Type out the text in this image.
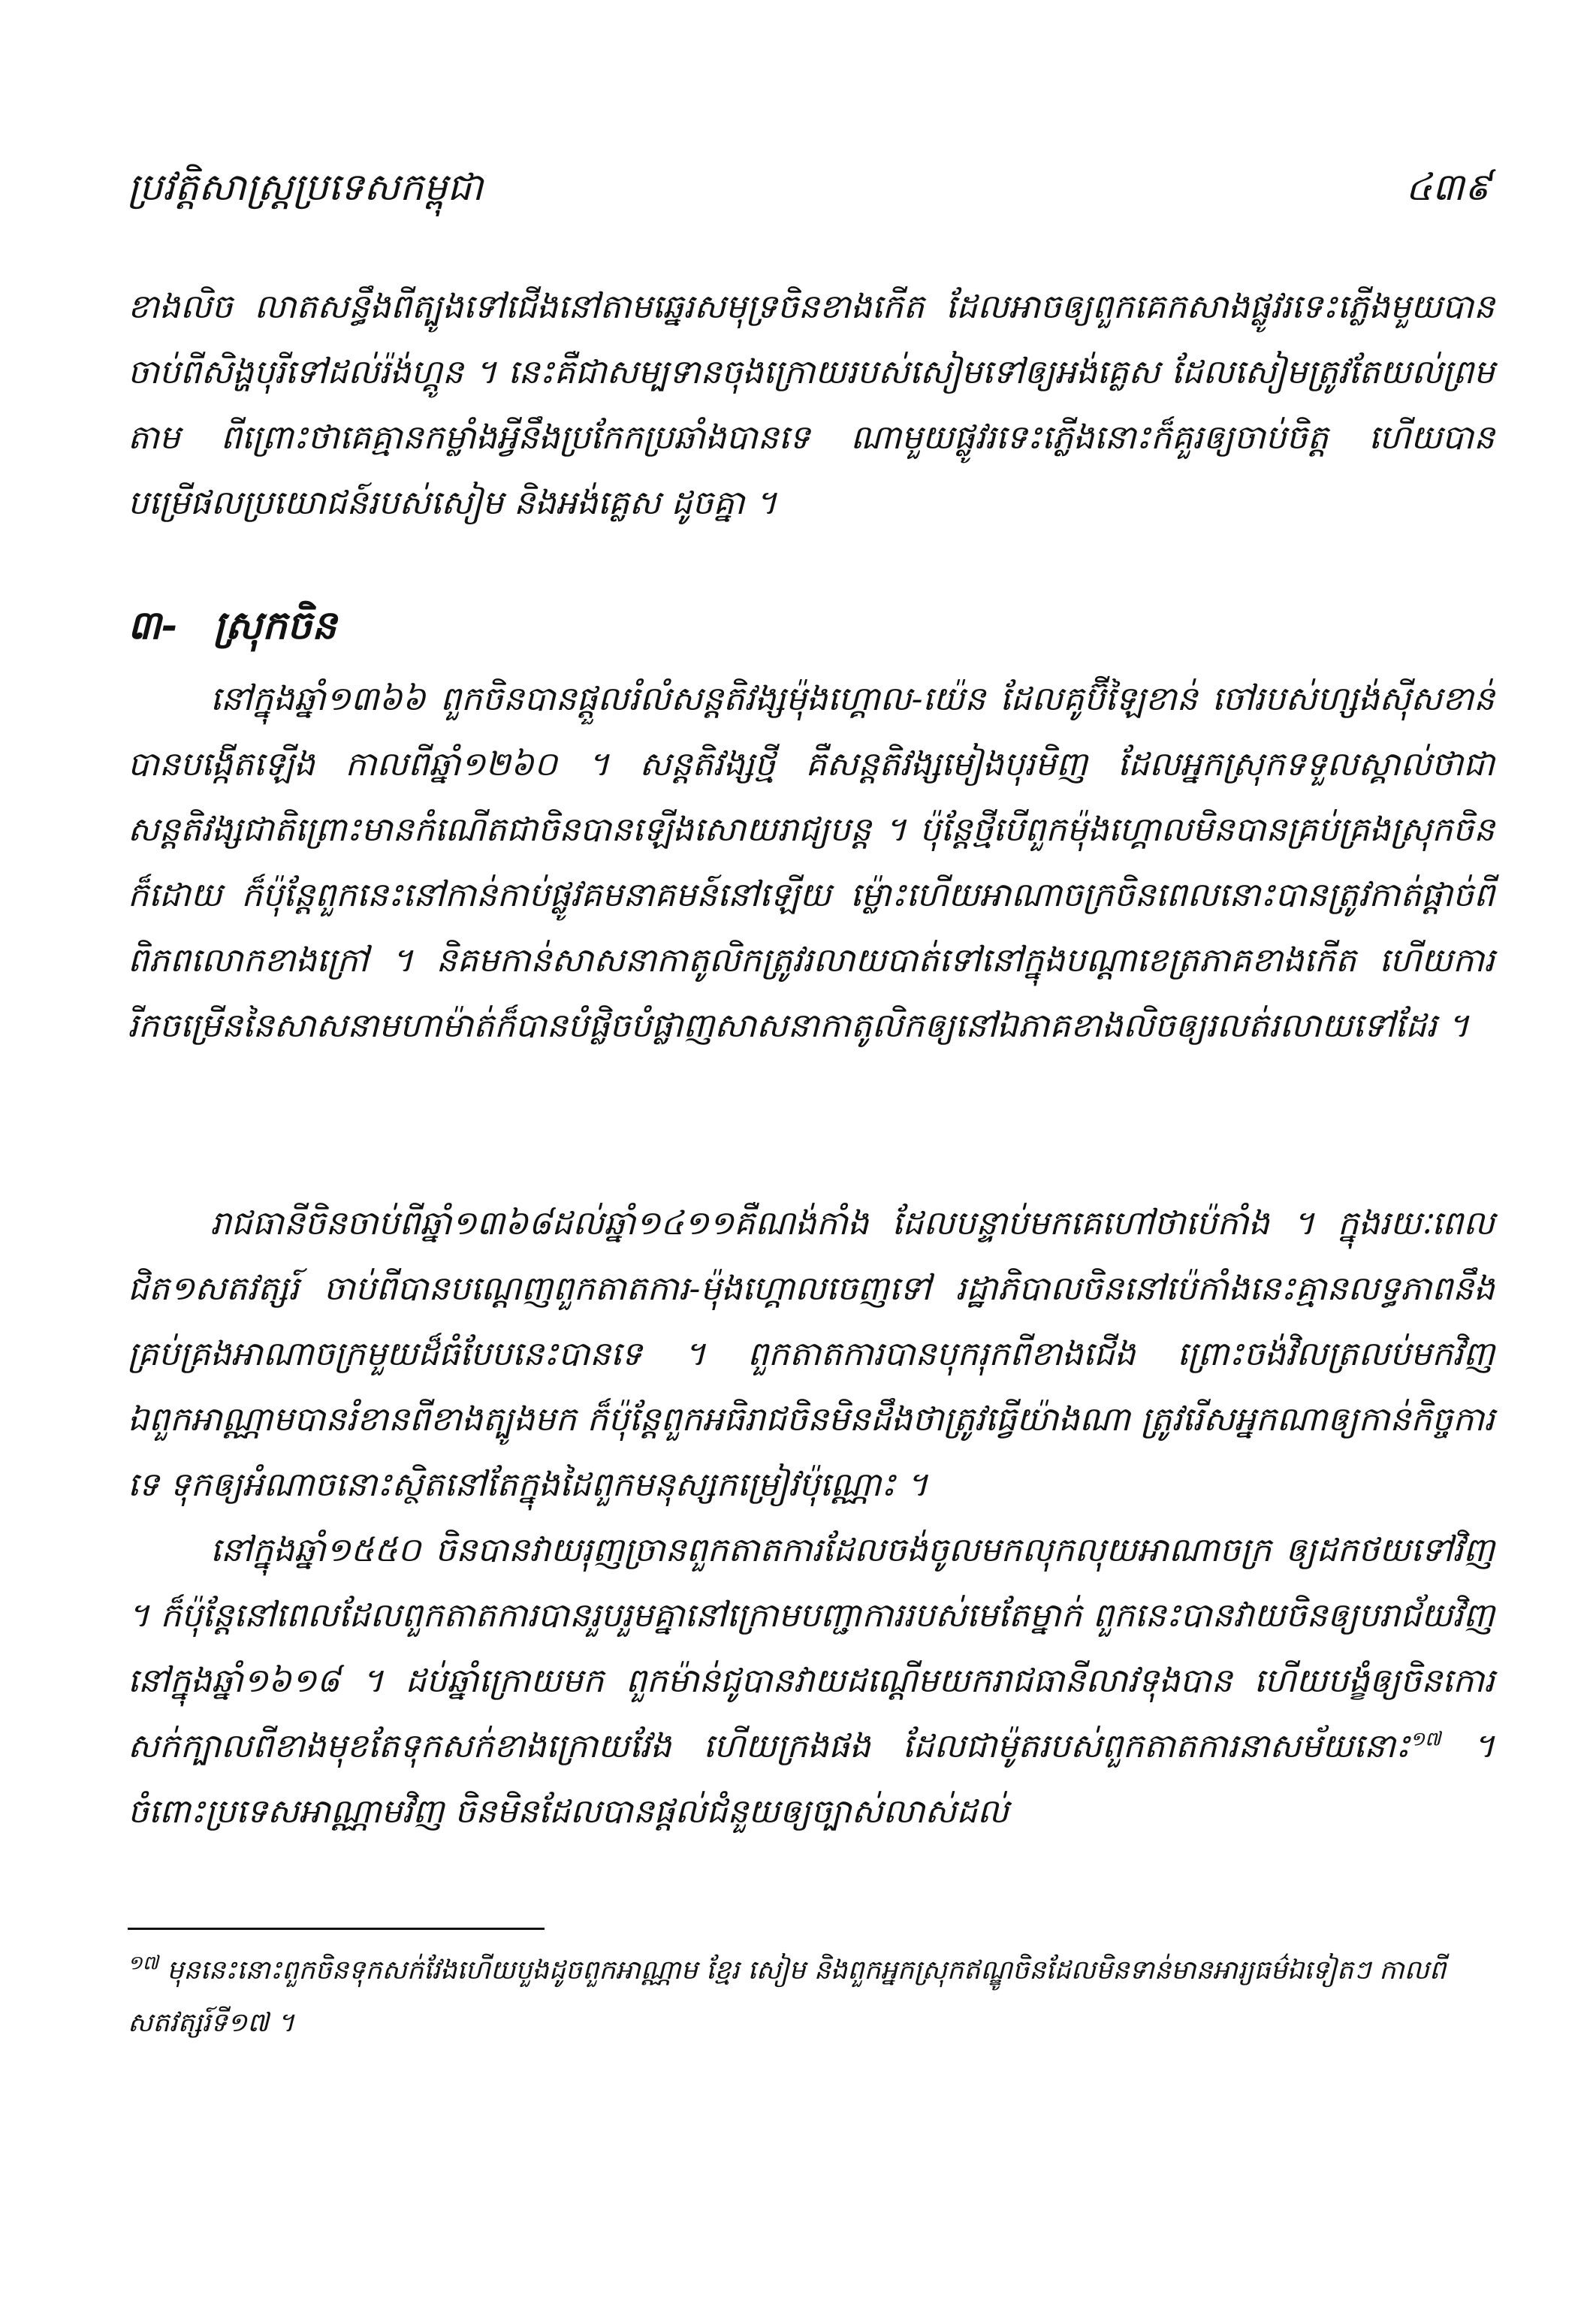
ប្រវត្តិសាស្ត្រប្រទេសកម្ពុជា	៤៣៩

ខាងលិច លាតសន្ធឹងពីត្បូងទៅជើងនៅតាមឆ្នេរសមុទ្រចិនខាងកើត ដែលអាចឲ្យពួកគេកសាងផ្លូវរទេះភ្លើងមួយបាន ចាប់ពីសិង្ហបុរីទៅដល់រ៉ង់ហ្គូន ។ នេះគឺជាសម្បទានចុងក្រោយរបស់សៀមទៅឲ្យអង់គ្លេស ដែលសៀមត្រូវតែយល់ព្រមតាម ពីព្រោះថាគេគ្មានកម្លាំងអ្វីនឹងប្រកែកប្រឆាំងបានទេ ណាមួយផ្លូវរទេះភ្លើងនោះក៏គួរឲ្យចាប់ចិត្ត ហើយបានបម្រើផលប្រយោជន៍របស់សៀម និងអង់គ្លេស ដូចគ្នា ។

៣- ស្រុកចិន

នៅក្នុងឆ្នាំ១៣៦៦ ពួកចិនបានផ្តួលរំលំសន្តតិវង្សម៉ុងហ្គោល-យ៉េន ដែលគូប៊ីឡៃខាន់ ចៅរបស់ហ្សង់ស៊ីសខាន់ បានបង្កើតឡើង កាលពីឆ្នាំ១២៦០ ។ សន្តតិវង្សថ្មី គឺសន្តតិវង្សមៀងបុរមិញ ដែលអ្នកស្រុកទទួលស្គាល់ថាជាសន្តតិវង្សជាតិព្រោះមានកំណើតជាចិនបានឡើងសោយរាជ្យបន្ត ។ ប៉ុន្តែថ្មីបើពួកម៉ុងហ្គោលមិនបានគ្រប់គ្រងស្រុកចិនក៏ដោយ ក៏ប៉ុន្តែពួកនេះនៅកាន់កាប់ផ្លូវគមនាគមន៍នៅឡើយ ម្ល៉ោះហើយអាណាចក្រចិនពេលនោះបានត្រូវកាត់ផ្តាច់ពីពិភពលោកខាងក្រៅ ។ និគមកាន់សាសនាកាតូលិកត្រូវរលាយបាត់ទៅនៅក្នុងបណ្តាខេត្រភាគខាងកើត ហើយការរីកចម្រើននៃសាសនាមហាម៉ាត់ក៏បានបំផ្លិចបំផ្លាញសាសនាកាតូលិកឲ្យនៅឯភាគខាងលិចឲ្យរលត់រលាយទៅដែរ ។

រាជធានីចិនចាប់ពីឆ្នាំ១៣៦៨ដល់ឆ្នាំ១៤១១គឺណង់កាំង ដែលបន្ទាប់មកគេហៅថាប៉េកាំង ។ ក្នុងរយៈពេលជិត១សតវត្សរ៍ ចាប់ពីបានបណ្តេញពួកតាតការ-ម៉ុងហ្គោលចេញទៅ រដ្ឋាភិបាលចិននៅប៉េកាំងនេះគ្មានលទ្ធភាពនឹងគ្រប់គ្រងអាណាចក្រមួយដ៏ធំបែបនេះបានទេ ។ ពួកតាតការបានបុករុកពីខាងជើង ព្រោះចង់វិលត្រលប់មកវិញ ឯពួកអាណ្ណាមបានរំខានពីខាងត្បូងមក ក៏ប៉ុន្តែពួកអធិរាជចិនមិនដឹងថាត្រូវធ្វើយ៉ាងណា ត្រូវរើសអ្នកណាឲ្យកាន់កិច្ចការទេ ទុកឲ្យអំណាចនោះស្ថិតនៅតែក្នុងដៃពួកមនុស្សកម្រៀវប៉ុណ្ណោះ ។

នៅក្នុងឆ្នាំ១៥៥០ ចិនបានវាយរុញច្រានពួកតាតការដែលចង់ចូលមកលុកលុយអាណាចក្រ ឲ្យដកថយទៅវិញ ។ ក៏ប៉ុន្តែនៅពេលដែលពួកតាតការបានរួបរួមគ្នានៅក្រោមបញ្ជាការរបស់មេតែម្នាក់ ពួកនេះបានវាយចិនឲ្យបរាជ័យវិញនៅក្នុងឆ្នាំ១៦១៨ ។ ដប់ឆ្នាំក្រោយមក ពួកម៉ាន់ជូបានវាយដណ្តើមយករាជធានីលាវទុងបាន ហើយបង្ខំឲ្យចិនកោរសក់ក្បាលពីខាងមុខតែទុកសក់ខាងក្រោយវែង ហើយក្រងផង ដែលជាម៉ូតរបស់ពួកតាតការនាសម័យនោះ$^{១៧}$ ។ ចំពោះប្រទេសអាណ្ណាមវិញ ចិនមិនដែលបានផ្តល់ជំនួយឲ្យច្បាស់លាស់ដល់

$^{១៧}$ មុននេះនោះពួកចិនទុកសក់វែងហើយបួងដូចពួកអាណ្ណាម ខ្មែរ សៀម និងពួកអ្នកស្រុកឥណ្ឌូចិនដែលមិនទាន់មានអារ្យធម៌ឯទៀតៗ កាលពីសតវត្សរ៍ទី១៧ ។
